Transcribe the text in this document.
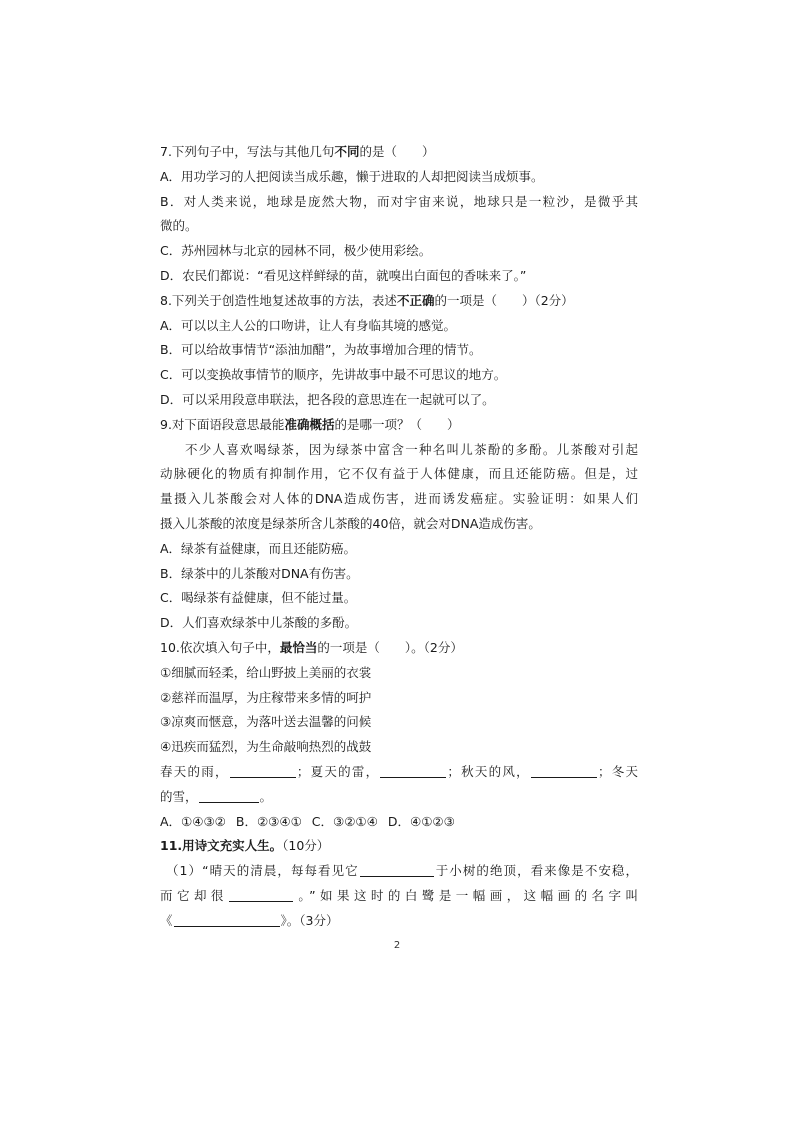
7.下列句子中，写法与其他几句不同的是（　　）
A．用功学习的人把阅读当成乐趣，懒于进取的人却把阅读当成烦事。
B．对人类来说，地球是庞然大物，而对宇宙来说，地球只是一粒沙，是微乎其
微的。
C．苏州园林与北京的园林不同，极少使用彩绘。
D．农民们都说：“看见这样鲜绿的苗，就嗅出白面包的香味来了。”
8.下列关于创造性地复述故事的方法，表述不正确的一项是（　　）（2分）
A．可以以主人公的口吻讲，让人有身临其境的感觉。
B．可以给故事情节“添油加醋”，为故事增加合理的情节。
C．可以变换故事情节的顺序，先讲故事中最不可思议的地方。
D．可以采用段意串联法，把各段的意思连在一起就可以了。
9.对下面语段意思最能准确概括的是哪一项？（　　）
不少人喜欢喝绿茶，因为绿茶中富含一种名叫儿茶酚的多酚。儿茶酸对引起
动脉硬化的物质有抑制作用，它不仅有益于人体健康，而且还能防癌。但是，过
量摄入儿茶酸会对人体的DNA造成伤害，进而诱发癌症。实验证明：如果人们
摄入儿茶酸的浓度是绿茶所含儿茶酸的40倍，就会对DNA造成伤害。
A．绿茶有益健康，而且还能防癌。
B．绿茶中的儿茶酸对DNA有伤害。
C．喝绿茶有益健康，但不能过量。
D．人们喜欢绿茶中儿茶酸的多酚。
10.依次填入句子中，最恰当的一项是（　　）。（2分）
①细腻而轻柔，给山野披上美丽的衣裳
②慈祥而温厚，为庄稼带来多情的呵护
③凉爽而惬意，为落叶送去温馨的问候
④迅疾而猛烈，为生命敲响热烈的战鼓
春天的雨，	；夏天的雷，	；秋天的风，	；冬天
的雪，	。
A．①④③② B．②③④① C．③②①④ D．④①②③
11.用诗文充实人生。（10分）
（1）“晴天的清晨，每每看见它	于小树的绝顶，看来像是不安稳，
而它却很	。”如果这时的白鹭是一幅画，这幅画的名字叫
《	》。（3分）
2
